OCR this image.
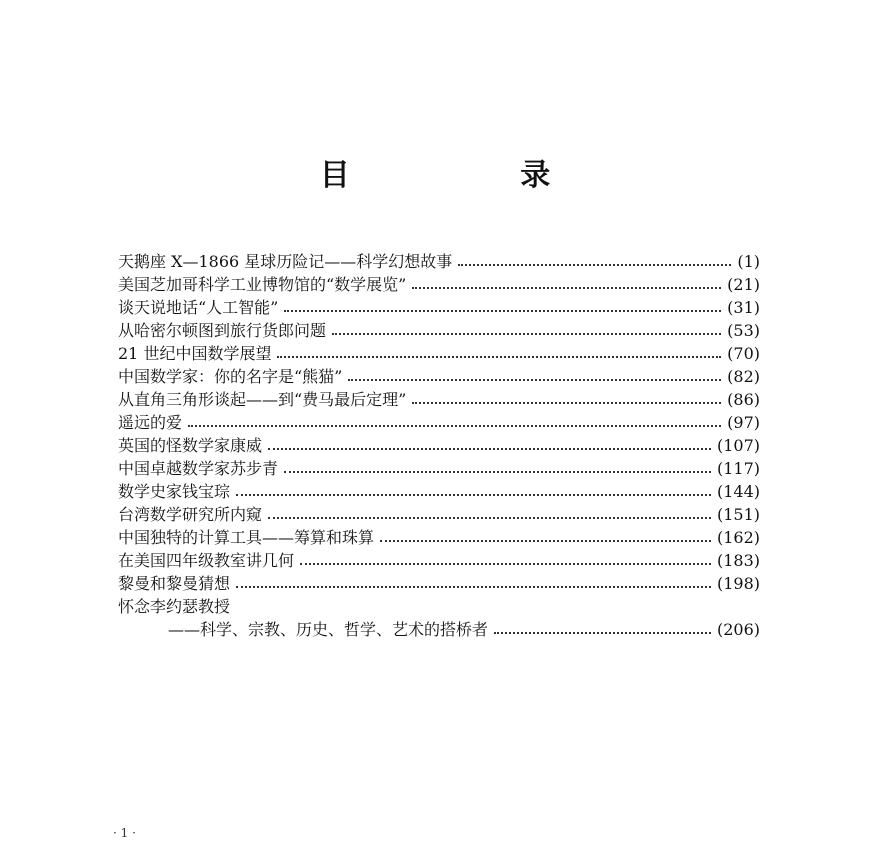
目 录
天鹅座 X—1866 星球历险记——科学幻想故事	(1)
美国芝加哥科学工业博物馆的“数学展览”	(21)
谈天说地话“人工智能”	(31)
从哈密尔顿图到旅行货郎问题	(53)
21 世纪中国数学展望	(70)
中国数学家：你的名字是“熊猫”	(82)
从直角三角形谈起——到“费马最后定理”	(86)
遥远的爱	(97)
英国的怪数学家康威	(107)
中国卓越数学家苏步青	(117)
数学史家钱宝琮	(144)
台湾数学研究所内窥	(151)
中国独特的计算工具——筹算和珠算	(162)
在美国四年级教室讲几何	(183)
黎曼和黎曼猜想	(198)
怀念李约瑟教授
——科学、宗教、历史、哲学、艺术的搭桥者	(206)
· 1 ·
